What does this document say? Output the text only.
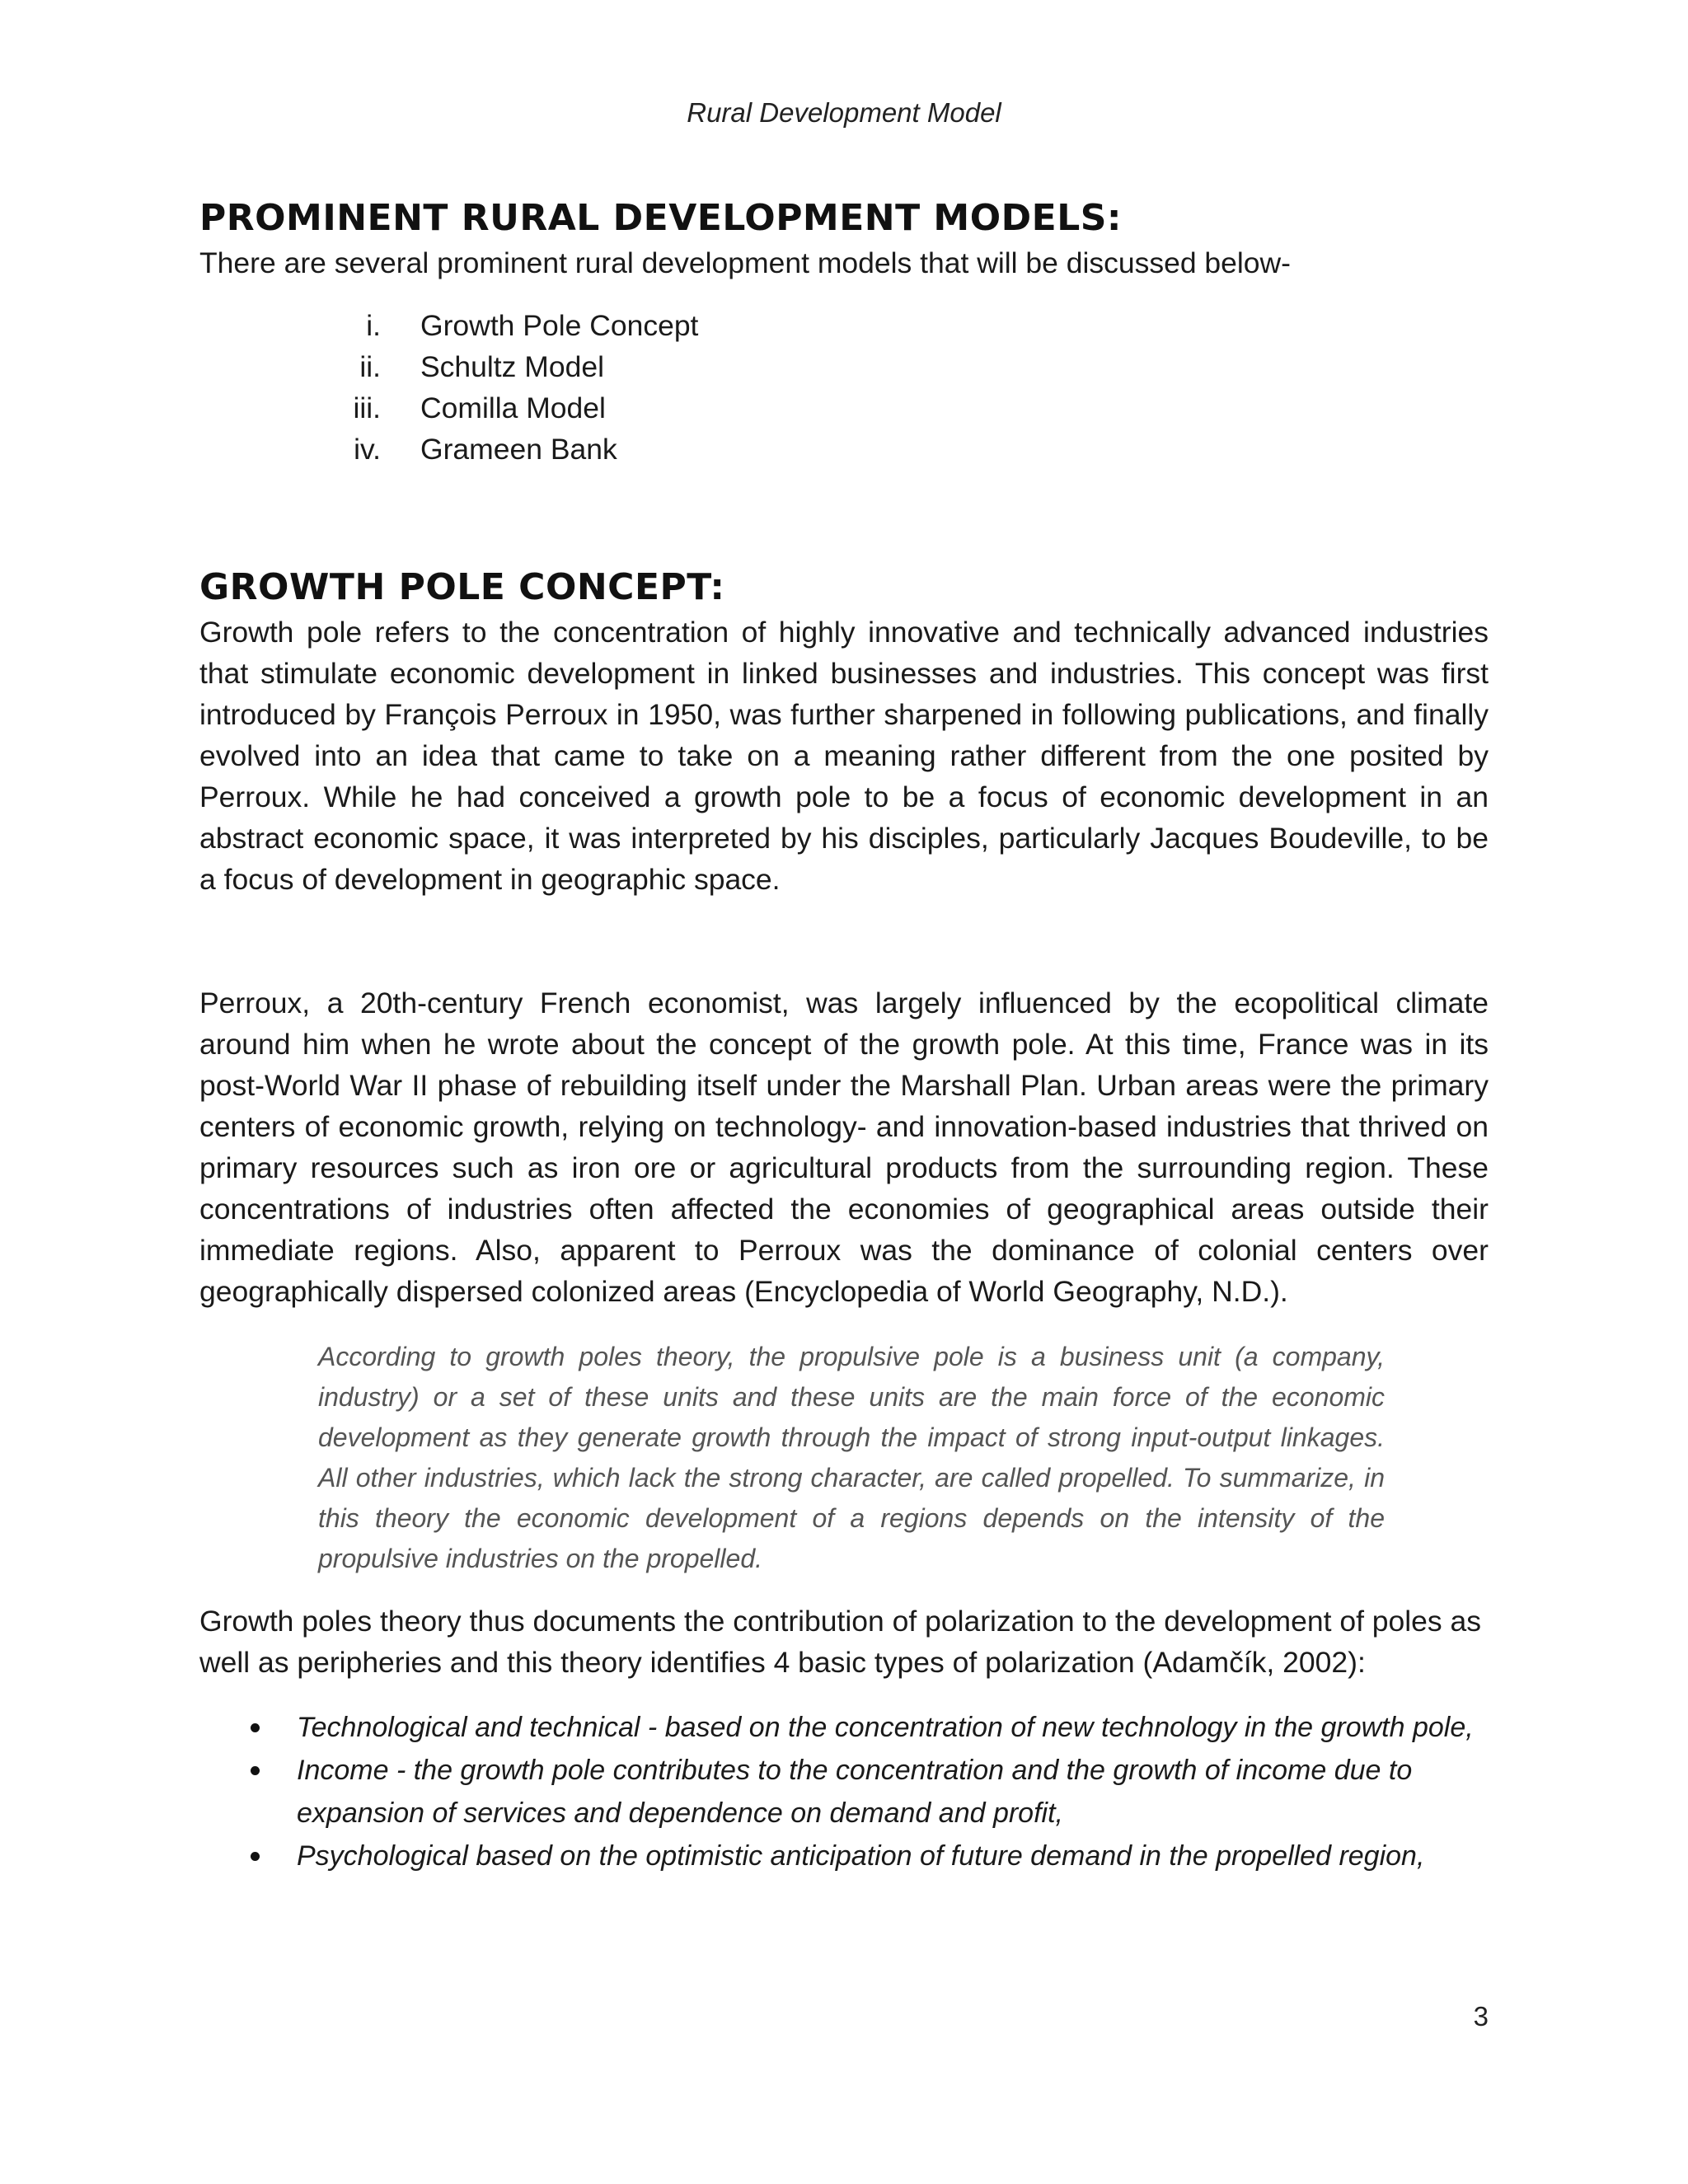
Rural Development Model
PROMINENT RURAL DEVELOPMENT MODELS:

There are several prominent rural development models that will be discussed below-

i. Growth Pole Concept
ii. Schultz Model
iii. Comilla Model
iv. Grameen Bank
GROWTH POLE CONCEPT:

Growth pole refers to the concentration of highly innovative and technically advanced industries that stimulate economic development in linked businesses and industries. This concept was first introduced by François Perroux in 1950, was further sharpened in following publications, and finally evolved into an idea that came to take on a meaning rather different from the one posited by Perroux. While he had conceived a growth pole to be a focus of economic development in an abstract economic space, it was interpreted by his disciples, particularly Jacques Boudeville, to be a focus of development in geographic space.

Perroux, a 20th-century French economist, was largely influenced by the ecopolitical climate around him when he wrote about the concept of the growth pole. At this time, France was in its post-World War II phase of rebuilding itself under the Marshall Plan. Urban areas were the primary centers of economic growth, relying on technology- and innovation-based industries that thrived on primary resources such as iron ore or agricultural products from the surrounding region. These concentrations of industries often affected the economies of geographical areas outside their immediate regions. Also, apparent to Perroux was the dominance of colonial centers over geographically dispersed colonized areas (Encyclopedia of World Geography, N.D.).

According to growth poles theory, the propulsive pole is a business unit (a company, industry) or a set of these units and these units are the main force of the economic development as they generate growth through the impact of strong input-output linkages. All other industries, which lack the strong character, are called propelled. To summarize, in this theory the economic development of a regions depends on the intensity of the propulsive industries on the propelled.

Growth poles theory thus documents the contribution of polarization to the development of poles as well as peripheries and this theory identifies 4 basic types of polarization (Adamčík, 2002):

Technological and technical - based on the concentration of new technology in the growth pole,
Income - the growth pole contributes to the concentration and the growth of income due to expansion of services and dependence on demand and profit,
Psychological based on the optimistic anticipation of future demand in the propelled region,
3
